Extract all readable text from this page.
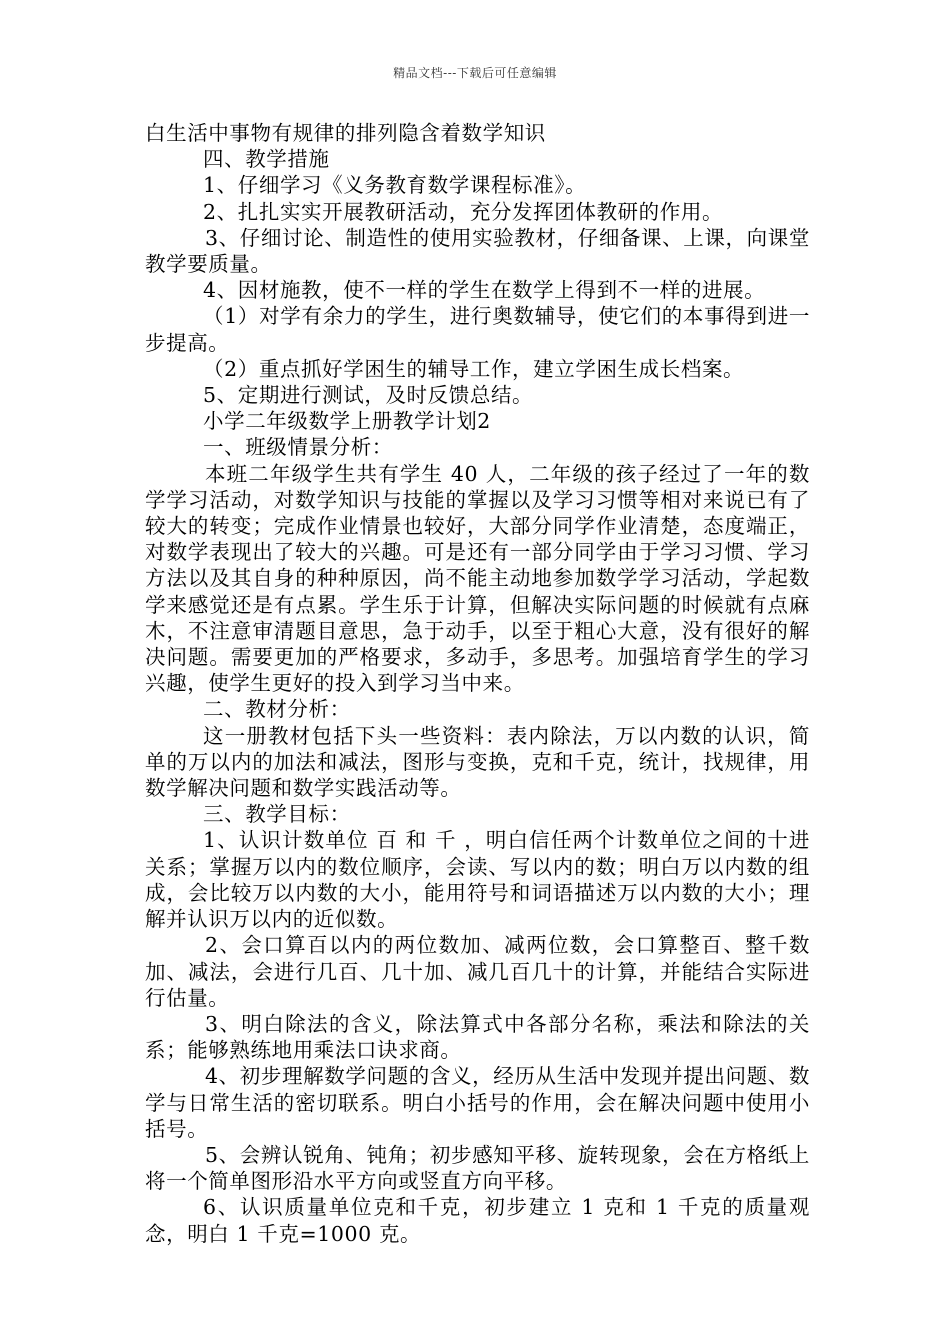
精品文档---下载后可任意编辑

白生活中事物有规律的排列隐含着数学知识

四、教学措施

1、仔细学习《义务教育数学课程标准》。

2、扎扎实实开展教研活动，充分发挥团体教研的作用。

3、仔细讨论、制造性的使用实验教材，仔细备课、上课，向课堂教学要质量。

4、因材施教，使不一样的学生在数学上得到不一样的进展。

（1）对学有余力的学生，进行奥数辅导，使它们的本事得到进一步提高。

（2）重点抓好学困生的辅导工作，建立学困生成长档案。

5、定期进行测试，及时反馈总结。

小学二年级数学上册教学计划2

一、班级情景分析：

本班二年级学生共有学生 40 人，二年级的孩子经过了一年的数学学习活动，对数学知识与技能的掌握以及学习习惯等相对来说已有了较大的转变；完成作业情景也较好，大部分同学作业清楚，态度端正，对数学表现出了较大的兴趣。可是还有一部分同学由于学习习惯、学习方法以及其自身的种种原因，尚不能主动地参加数学学习活动，学起数学来感觉还是有点累。学生乐于计算，但解决实际问题的时候就有点麻木，不注意审清题目意思，急于动手，以至于粗心大意，没有很好的解决问题。需要更加的严格要求，多动手，多思考。加强培育学生的学习兴趣，使学生更好的投入到学习当中来。

二、教材分析：

这一册教材包括下头一些资料：表内除法，万以内数的认识，简单的万以内的加法和减法，图形与变换，克和千克，统计，找规律，用数学解决问题和数学实践活动等。

三、教学目标：

1、认识计数单位 百 和 千 ，明白信任两个计数单位之间的十进关系；掌握万以内的数位顺序，会读、写以内的数；明白万以内数的组成，会比较万以内数的大小，能用符号和词语描述万以内数的大小；理解并认识万以内的近似数。

2、会口算百以内的两位数加、减两位数，会口算整百、整千数加、减法，会进行几百、几十加、减几百几十的计算，并能结合实际进行估量。

3、明白除法的含义，除法算式中各部分名称，乘法和除法的关系；能够熟练地用乘法口诀求商。

4、初步理解数学问题的含义，经历从生活中发现并提出问题、数学与日常生活的密切联系。明白小括号的作用，会在解决问题中使用小括号。

5、会辨认锐角、钝角；初步感知平移、旋转现象，会在方格纸上将一个简单图形沿水平方向或竖直方向平移。

6、认识质量单位克和千克，初步建立 1 克和 1 千克的质量观念，明白 1 千克=1000 克。
